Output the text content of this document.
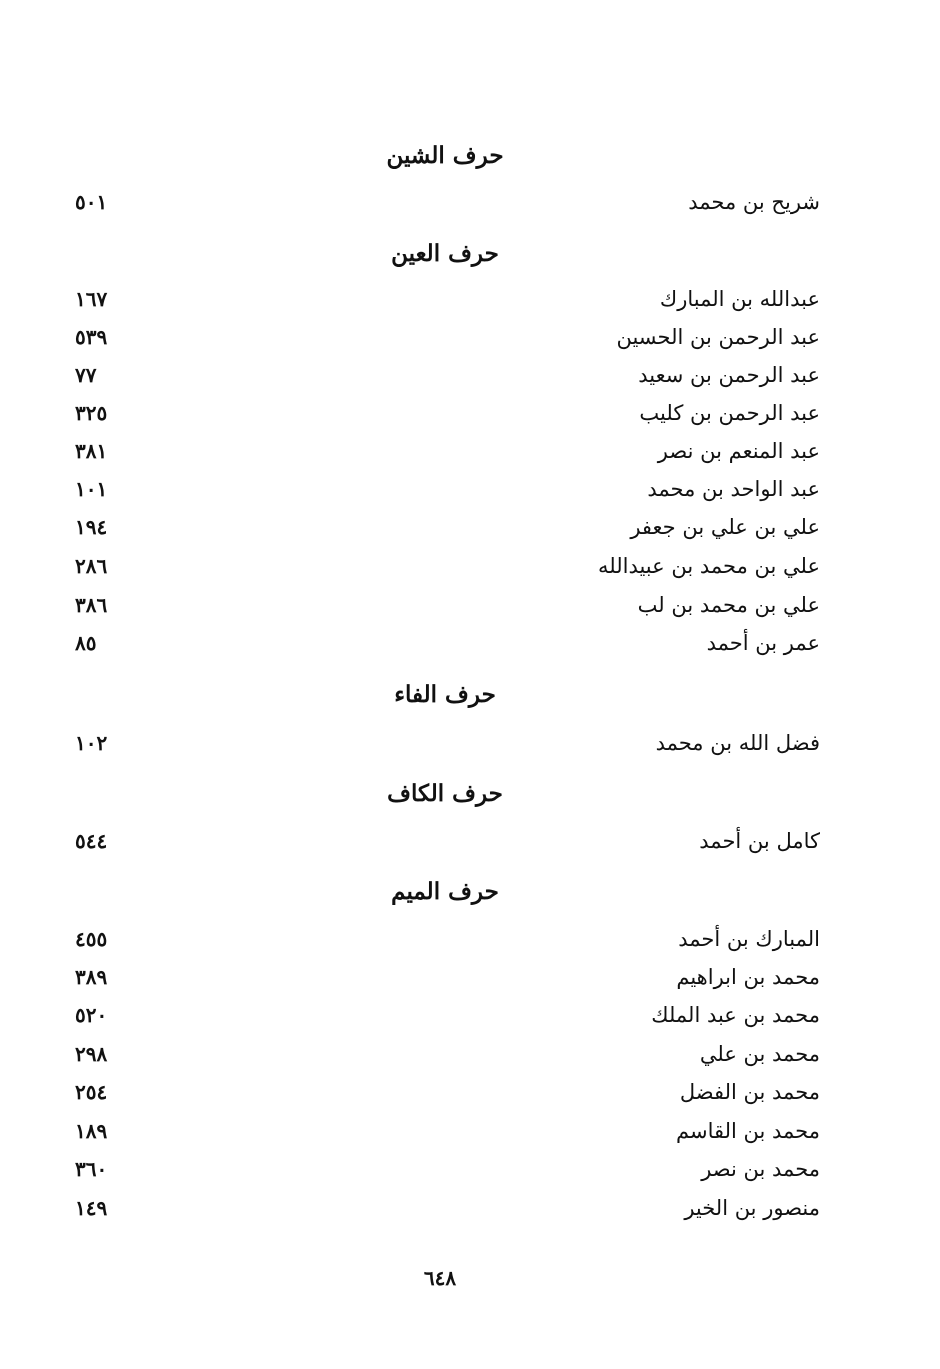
حرف الشين
شريح بن محمد
٥٠١
حرف العين
عبدالله بن المبارك
١٦٧
عبد الرحمن بن الحسين
٥٣٩
عبد الرحمن بن سعيد
٧٧
عبد الرحمن بن كليب
٣٢٥
عبد المنعم بن نصر
٣٨١
عبد الواحد بن محمد
١٠١
علي بن علي بن جعفر
١٩٤
علي بن محمد بن عبيدالله
٢٨٦
علي بن محمد بن لب
٣٨٦
عمر بن أحمد
٨٥
حرف الفاء
فضل الله بن محمد
١٠٢
حرف الكاف
كامل بن أحمد
٥٤٤
حرف الميم
المبارك بن أحمد
٤٥٥
محمد بن ابراهيم
٣٨٩
محمد بن عبد الملك
٥٢٠
محمد بن علي
٢٩٨
محمد بن الفضل
٢٥٤
محمد بن القاسم
١٨٩
محمد بن نصر
٣٦٠
منصور بن الخير
١٤٩
٦٤٨
